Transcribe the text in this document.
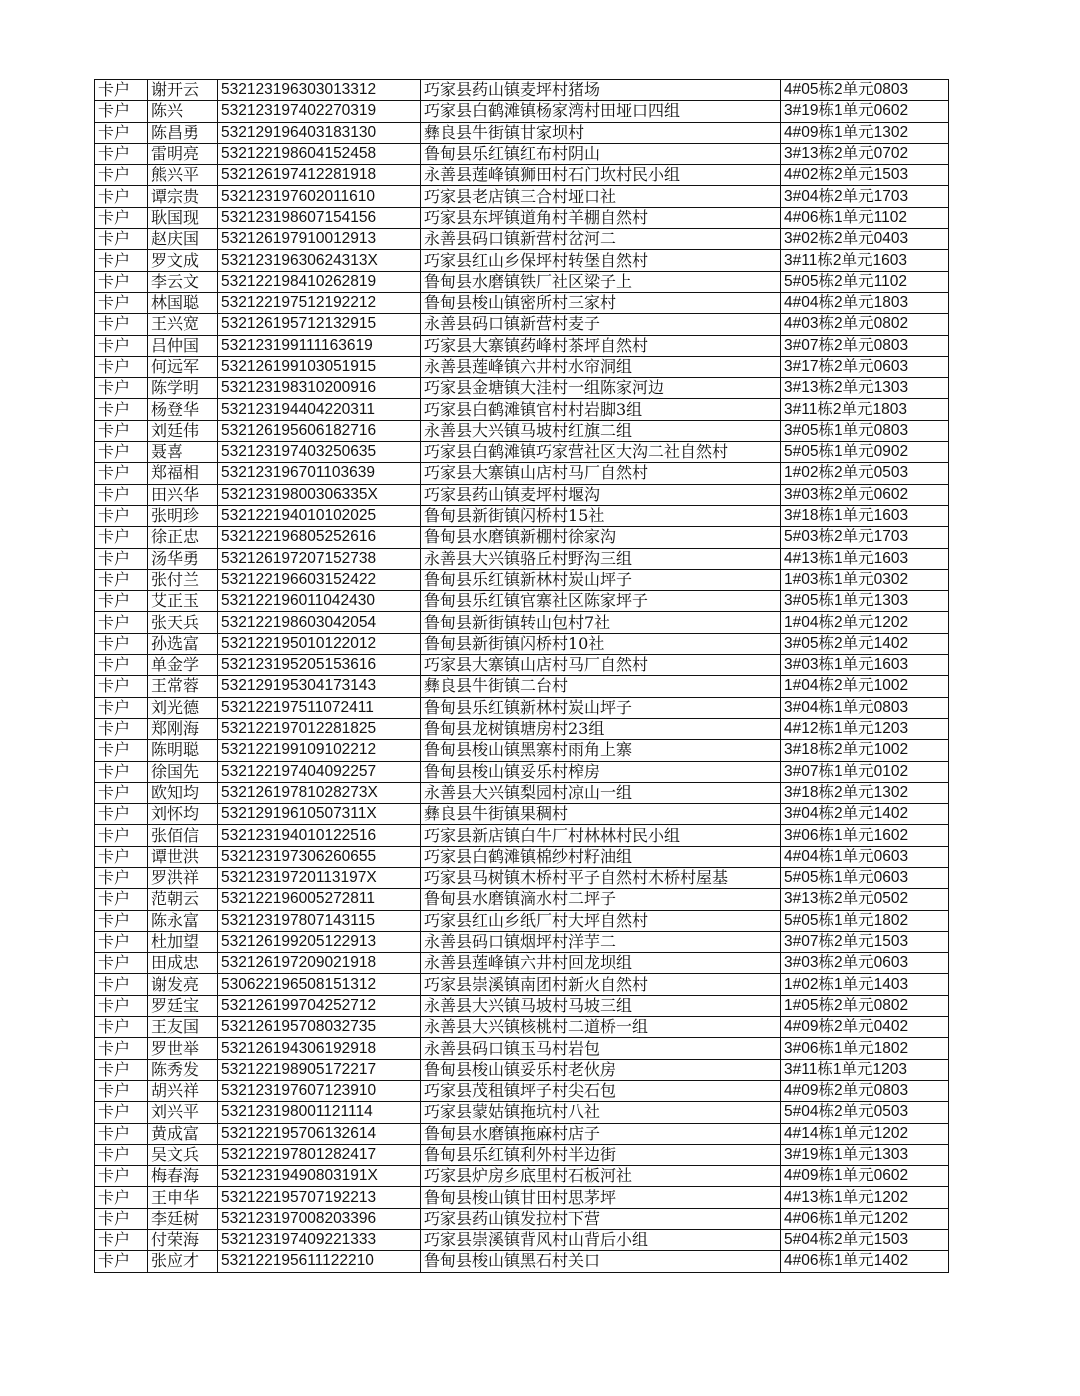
卡户	谢开云	532123196303013312	巧家县药山镇麦坪村猪场	4#05栋2单元0803
卡户	陈兴	532123197402270319	巧家县白鹤滩镇杨家湾村田垭口四组	3#19栋1单元0602
卡户	陈昌勇	532129196403183130	彝良县牛街镇甘家坝村	4#09栋1单元1302
卡户	雷明亮	532122198604152458	鲁甸县乐红镇红布村阴山	3#13栋2单元0702
卡户	熊兴平	532126197412281918	永善县莲峰镇狮田村石门坎村民小组	4#02栋2单元1503
卡户	谭宗贵	532123197602011610	巧家县老店镇三合村垭口社	3#04栋2单元1703
卡户	耿国现	532123198607154156	巧家县东坪镇道角村羊棚自然村	4#06栋1单元1102
卡户	赵庆国	532126197910012913	永善县码口镇新营村岔河二	3#02栋2单元0403
卡户	罗文成	53212319630624313X	巧家县红山乡保坪村转堡自然村	3#11栋2单元1603
卡户	李云文	532122198410262819	鲁甸县水磨镇铁厂社区梁子上	5#05栋2单元1102
卡户	林国聪	532122197512192212	鲁甸县梭山镇密所村三家村	4#04栋2单元1803
卡户	王兴宽	532126195712132915	永善县码口镇新营村麦子	4#03栋2单元0802
卡户	吕仲国	532123199111163619	巧家县大寨镇药峰村茶坪自然村	3#07栋2单元0803
卡户	何远军	532126199103051915	永善县莲峰镇六井村水帘洞组	3#17栋2单元0603
卡户	陈学明	532123198310200916	巧家县金塘镇大洼村一组陈家河边	3#13栋2单元1303
卡户	杨登华	532123194404220311	巧家县白鹤滩镇官村村岩脚3组	3#11栋2单元1803
卡户	刘廷伟	532126195606182716	永善县大兴镇马坡村红旗二组	3#05栋1单元0803
卡户	聂喜	532123197403250635	巧家县白鹤滩镇巧家营社区大沟二社自然村	5#05栋1单元0902
卡户	郑福相	532123196701103639	巧家县大寨镇山店村马厂自然村	1#02栋2单元0503
卡户	田兴华	53212319800306335X	巧家县药山镇麦坪村堰沟	3#03栋2单元0602
卡户	张明珍	532122194010102025	鲁甸县新街镇闪桥村15社	3#18栋1单元1603
卡户	徐正忠	532122196805252616	鲁甸县水磨镇新棚村徐家沟	5#03栋2单元1703
卡户	汤华勇	532126197207152738	永善县大兴镇骆丘村野沟三组	4#13栋1单元1603
卡户	张付兰	532122196603152422	鲁甸县乐红镇新林村炭山坪子	1#03栋1单元0302
卡户	艾正玉	532122196011042430	鲁甸县乐红镇官寨社区陈家坪子	3#05栋1单元1303
卡户	张天兵	532122198603042054	鲁甸县新街镇转山包村7社	1#04栋2单元1202
卡户	孙选富	532122195010122012	鲁甸县新街镇闪桥村10社	3#05栋2单元1402
卡户	单金学	532123195205153616	巧家县大寨镇山店村马厂自然村	3#03栋1单元1603
卡户	王常蓉	532129195304173143	彝良县牛街镇二台村	1#04栋2单元1002
卡户	刘光德	532122197511072411	鲁甸县乐红镇新林村炭山坪子	3#04栋1单元0803
卡户	郑刚海	532122197012281825	鲁甸县龙树镇塘房村23组	4#12栋1单元1203
卡户	陈明聪	532122199109102212	鲁甸县梭山镇黑寨村雨角上寨	3#18栋2单元1002
卡户	徐国先	532122197404092257	鲁甸县梭山镇妥乐村榨房	3#07栋1单元0102
卡户	欧知均	53212619781028273X	永善县大兴镇梨园村凉山一组	3#18栋2单元1302
卡户	刘怀均	53212919610507311X	彝良县牛街镇果稠村	3#04栋2单元1402
卡户	张佰信	532123194010122516	巧家县新店镇白牛厂村林林村民小组	3#06栋1单元1602
卡户	谭世洪	532123197306260655	巧家县白鹤滩镇棉纱村籽油组	4#04栋1单元0603
卡户	罗洪祥	53212319720113197X	巧家县马树镇木桥村平子自然村木桥村屋基	5#05栋1单元0603
卡户	范朝云	532122196005272811	鲁甸县水磨镇滴水村二坪子	3#13栋2单元0502
卡户	陈永富	532123197807143115	巧家县红山乡纸厂村大坪自然村	5#05栋1单元1802
卡户	杜加望	532126199205122913	永善县码口镇烟坪村洋芋二	3#07栋2单元1503
卡户	田成忠	532126197209021918	永善县莲峰镇六井村回龙坝组	3#03栋2单元0603
卡户	谢发亮	530622196508151312	巧家县崇溪镇南团村新火自然村	1#02栋1单元1403
卡户	罗廷宝	532126199704252712	永善县大兴镇马坡村马坡三组	1#05栋2单元0802
卡户	王友国	532126195708032735	永善县大兴镇核桃村二道桥一组	4#09栋2单元0402
卡户	罗世举	532126194306192918	永善县码口镇玉马村岩包	3#06栋1单元1802
卡户	陈秀发	532122198905172217	鲁甸县梭山镇妥乐村老伙房	3#11栋1单元1203
卡户	胡兴祥	532123197607123910	巧家县茂租镇坪子村尖石包	4#09栋2单元0803
卡户	刘兴平	532123198001121114	巧家县蒙姑镇拖坑村八社	5#04栋2单元0503
卡户	黄成富	532122195706132614	鲁甸县水磨镇拖麻村店子	4#14栋1单元1202
卡户	吴文兵	532122197801282417	鲁甸县乐红镇利外村半边街	3#19栋1单元1303
卡户	梅春海	53212319490803191X	巧家县炉房乡底里村石板河社	4#09栋1单元0602
卡户	王申华	532122195707192213	鲁甸县梭山镇甘田村思茅坪	4#13栋1单元1202
卡户	李廷树	532123197008203396	巧家县药山镇发拉村下营	4#06栋1单元1202
卡户	付荣海	532123197409221333	巧家县崇溪镇背风村山背后小组	5#04栋2单元1503
卡户	张应才	532122195611122210	鲁甸县梭山镇黑石村关口	4#06栋1单元1402
